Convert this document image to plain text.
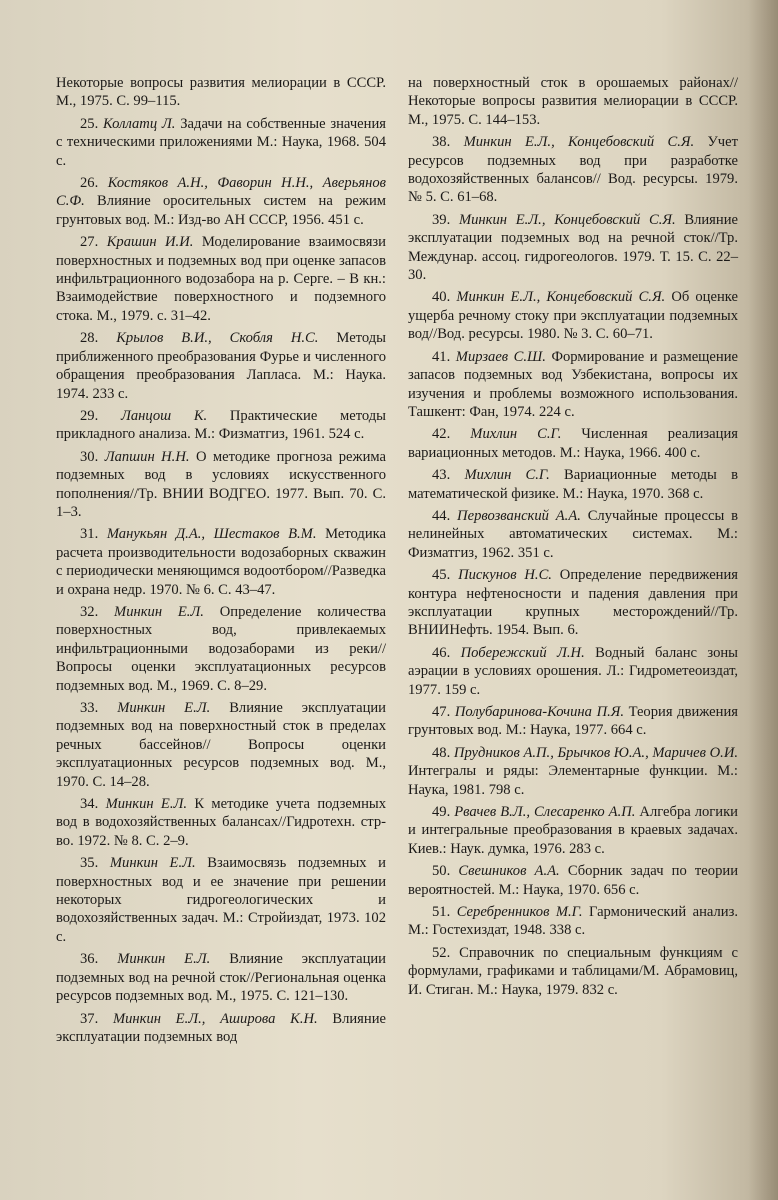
Некоторые вопросы развития мелиорации в СССР. М., 1975. С. 99–115.

25. Коллатц Л. Задачи на собственные значения с техническими приложениями М.: Наука, 1968. 504 с.

26. Костяков А.Н., Фаворин Н.Н., Аверьянов С.Ф. Влияние оросительных систем на режим грунтовых вод. М.: Изд-во АН СССР, 1956. 451 с.

27. Крашин И.И. Моделирование взаимосвязи поверхностных и подземных вод при оценке запасов инфильтрационного водозабора на р. Серге. – В кн.: Взаимодействие поверхностного и подземного стока. М., 1979. с. 31–42.

28. Крылов В.И., Скобля Н.С. Методы приближенного преобразования Фурье и численного обращения преобразования Лапласа. М.: Наука. 1974. 233 с.

29. Ланцош К. Практические методы прикладного анализа. М.: Физматгиз, 1961. 524 с.

30. Лапшин Н.Н. О методике прогноза режима подземных вод в условиях искусственного пополнения//Тр. ВНИИ ВОДГЕО. 1977. Вып. 70. С. 1–3.

31. Манукьян Д.А., Шестаков В.М. Методика расчета производительности водозаборных скважин с периодически меняющимся водоотбором//Разведка и охрана недр. 1970. № 6. С. 43–47.

32. Минкин Е.Л. Определение количества поверхностных вод, привлекаемых инфильтрационными водозаборами из реки//Вопросы оценки эксплуатационных ресурсов подземных вод. М., 1969. С. 8–29.

33. Минкин Е.Л. Влияние эксплуатации подземных вод на поверхностный сток в пределах речных бассейнов// Вопросы оценки эксплуатационных ресурсов подземных вод. М., 1970. С. 14–28.

34. Минкин Е.Л. К методике учета подземных вод в водохозяйственных балансах//Гидротехн. стр-во. 1972. № 8. С. 2–9.

35. Минкин Е.Л. Взаимосвязь подземных и поверхностных вод и ее значение при решении некоторых гидрогеологических и водохозяйственных задач. М.: Стройиздат, 1973. 102 с.

36. Минкин Е.Л. Влияние эксплуатации подземных вод на речной сток//Региональная оценка ресурсов подземных вод. М., 1975. С. 121–130.

37. Минкин Е.Л., Аширова К.Н. Влияние эксплуатации подземных вод

на поверхностный сток в орошаемых районах//Некоторые вопросы развития мелиорации в СССР. М., 1975. С. 144–153.

38. Минкин Е.Л., Концебовский С.Я. Учет ресурсов подземных вод при разработке водохозяйственных балансов// Вод. ресурсы. 1979. № 5. С. 61–68.

39. Минкин Е.Л., Концебовский С.Я. Влияние эксплуатации подземных вод на речной сток//Тр. Междунар. ассоц. гидрогеологов. 1979. Т. 15. С. 22–30.

40. Минкин Е.Л., Концебовский С.Я. Об оценке ущерба речному стоку при эксплуатации подземных вод//Вод. ресурсы. 1980. № 3. С. 60–71.

41. Мирзаев С.Ш. Формирование и размещение запасов подземных вод Узбекистана, вопросы их изучения и проблемы возможного использования. Ташкент: Фан, 1974. 224 с.

42. Михлин С.Г. Численная реализация вариационных методов. М.: Наука, 1966. 400 с.

43. Михлин С.Г. Вариационные методы в математической физике. М.: Наука, 1970. 368 с.

44. Первозванский А.А. Случайные процессы в нелинейных автоматических системах. М.: Физматгиз, 1962. 351 с.

45. Пискунов Н.С. Определение передвижения контура нефтеносности и падения давления при эксплуатации крупных месторождений//Тр. ВНИИНефть. 1954. Вып. 6.

46. Побережский Л.Н. Водный баланс зоны аэрации в условиях орошения. Л.: Гидрометеоиздат, 1977. 159 с.

47. Полубаринова-Кочина П.Я. Теория движения грунтовых вод. М.: Наука, 1977. 664 с.

48. Прудников А.П., Брычков Ю.А., Маричев О.И. Интегралы и ряды: Элементарные функции. М.: Наука, 1981. 798 с.

49. Рвачев В.Л., Слесаренко А.П. Алгебра логики и интегральные преобразования в краевых задачах. Киев.: Наук. думка, 1976. 283 с.

50. Свешников А.А. Сборник задач по теории вероятностей. М.: Наука, 1970. 656 с.

51. Серебренников М.Г. Гармонический анализ. М.: Гостехиздат, 1948. 338 с.

52. Справочник по специальным функциям с формулами, графиками и таблицами/М. Абрамовиц, И. Стиган. М.: Наука, 1979. 832 с.
